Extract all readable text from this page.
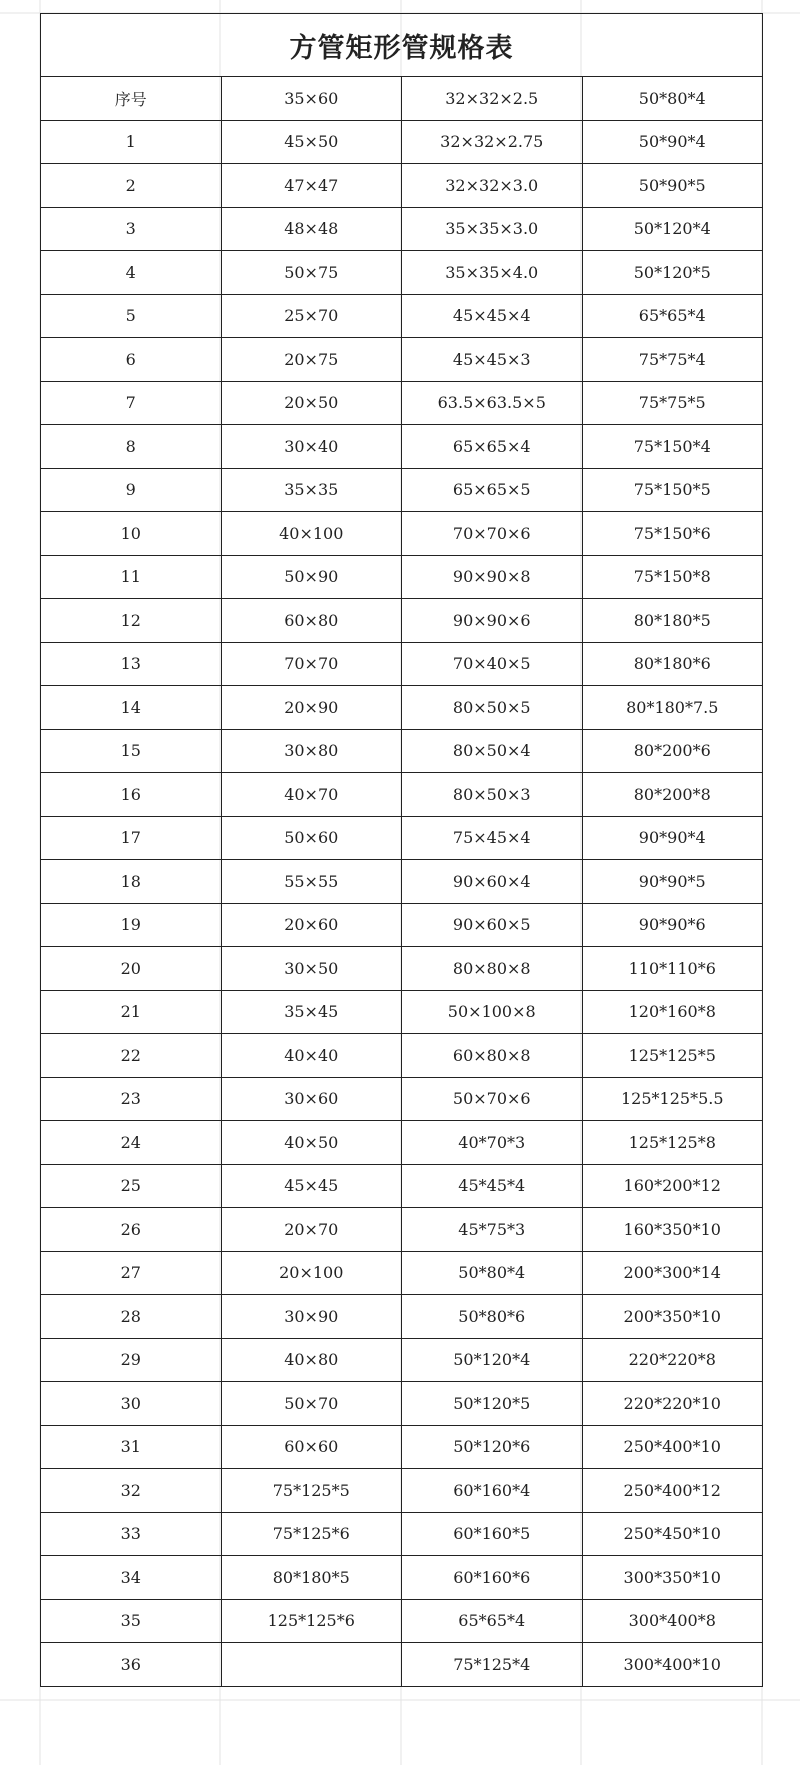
方管矩形管规格表			
序号	35×60	32×32×2.5	50*80*4
1	45×50	32×32×2.75	50*90*4
2	47×47	32×32×3.0	50*90*5
3	48×48	35×35×3.0	50*120*4
4	50×75	35×35×4.0	50*120*5
5	25×70	45×45×4	65*65*4
6	20×75	45×45×3	75*75*4
7	20×50	63.5×63.5×5	75*75*5
8	30×40	65×65×4	75*150*4
9	35×35	65×65×5	75*150*5
10	40×100	70×70×6	75*150*6
11	50×90	90×90×8	75*150*8
12	60×80	90×90×6	80*180*5
13	70×70	70×40×5	80*180*6
14	20×90	80×50×5	80*180*7.5
15	30×80	80×50×4	80*200*6
16	40×70	80×50×3	80*200*8
17	50×60	75×45×4	90*90*4
18	55×55	90×60×4	90*90*5
19	20×60	90×60×5	90*90*6
20	30×50	80×80×8	110*110*6
21	35×45	50×100×8	120*160*8
22	40×40	60×80×8	125*125*5
23	30×60	50×70×6	125*125*5.5
24	40×50	40*70*3	125*125*8
25	45×45	45*45*4	160*200*12
26	20×70	45*75*3	160*350*10
27	20×100	50*80*4	200*300*14
28	30×90	50*80*6	200*350*10
29	40×80	50*120*4	220*220*8
30	50×70	50*120*5	220*220*10
31	60×60	50*120*6	250*400*10
32	75*125*5	60*160*4	250*400*12
33	75*125*6	60*160*5	250*450*10
34	80*180*5	60*160*6	300*350*10
35	125*125*6	65*65*4	300*400*8
36		75*125*4	300*400*10
